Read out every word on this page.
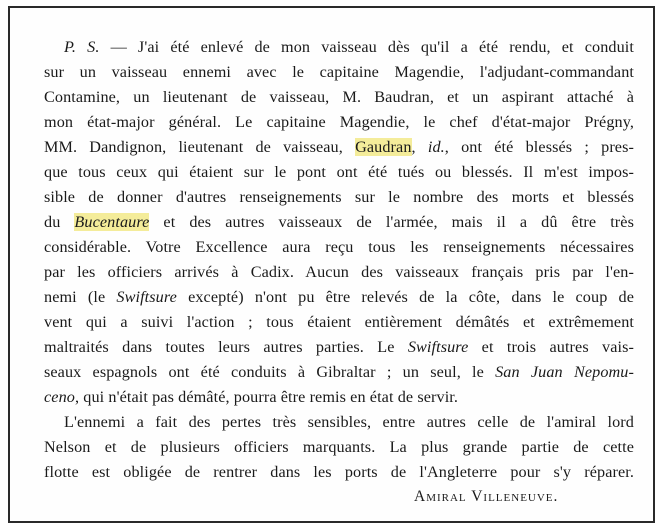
P. S. — J'ai été enlevé de mon vaisseau dès qu'il a été rendu, et conduit
sur un vaisseau ennemi avec le capitaine Magendie, l'adjudant-commandant
Contamine, un lieutenant de vaisseau, M. Baudran, et un aspirant attaché à
mon état-major général. Le capitaine Magendie, le chef d'état-major Prégny,
MM. Dandignon, lieutenant de vaisseau, Gaudran, id., ont été blessés ; pres-
que tous ceux qui étaient sur le pont ont été tués ou blessés. Il m'est impos-
sible de donner d'autres renseignements sur le nombre des morts et blessés
du Bucentaure et des autres vaisseaux de l'armée, mais il a dû être très
considérable. Votre Excellence aura reçu tous les renseignements nécessaires
par les officiers arrivés à Cadix. Aucun des vaisseaux français pris par l'en-
nemi (le Swiftsure excepté) n'ont pu être relevés de la côte, dans le coup de
vent qui a suivi l'action ; tous étaient entièrement démâtés et extrêmement
maltraités dans toutes leurs autres parties. Le Swiftsure et trois autres vais-
seaux espagnols ont été conduits à Gibraltar ; un seul, le San Juan Nepomu-
ceno, qui n'était pas démâté, pourra être remis en état de servir.
L'ennemi a fait des pertes très sensibles, entre autres celle de l'amiral lord
Nelson et de plusieurs officiers marquants. La plus grande partie de cette
flotte est obligée de rentrer dans les ports de l'Angleterre pour s'y réparer.
Amiral Villeneuve.
